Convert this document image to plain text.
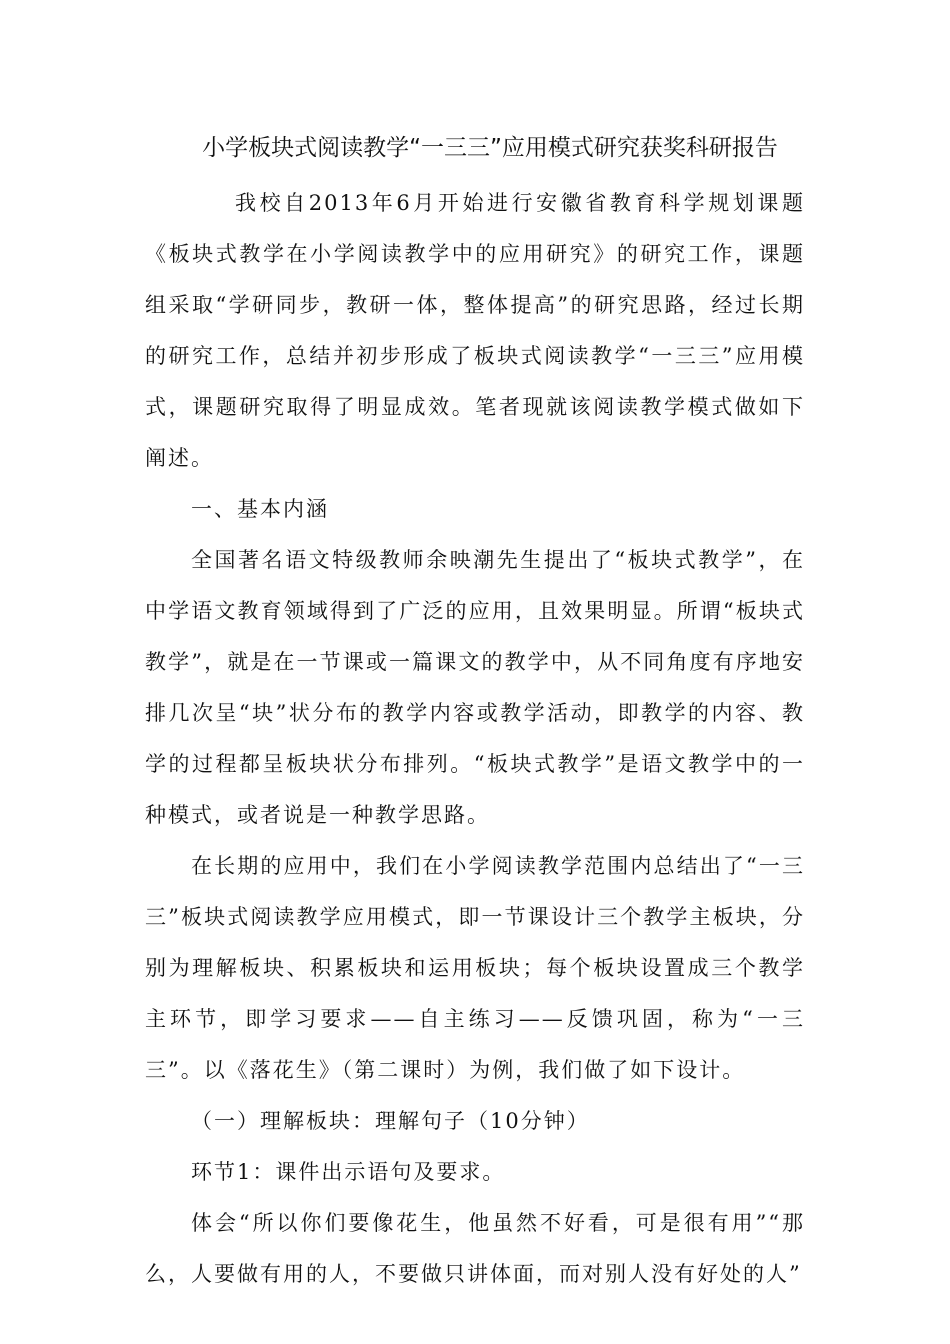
小学板块式阅读教学“一三三”应用模式研究获奖科研报告

我校自2013年6月开始进行安徽省教育科学规划课题《板块式教学在小学阅读教学中的应用研究》的研究工作，课题组采取“学研同步，教研一体，整体提高”的研究思路，经过长期的研究工作，总结并初步形成了板块式阅读教学“一三三”应用模式，课题研究取得了明显成效。笔者现就该阅读教学模式做如下阐述。

一、基本内涵

全国著名语文特级教师余映潮先生提出了“板块式教学”，在中学语文教育领域得到了广泛的应用，且效果明显。所谓“板块式教学”，就是在一节课或一篇课文的教学中，从不同角度有序地安排几次呈“块”状分布的教学内容或教学活动，即教学的内容、教学的过程都呈板块状分布排列。“板块式教学”是语文教学中的一种模式，或者说是一种教学思路。

在长期的应用中，我们在小学阅读教学范围内总结出了“一三三”板块式阅读教学应用模式，即一节课设计三个教学主板块，分别为理解板块、积累板块和运用板块；每个板块设置成三个教学主环节，即学习要求——自主练习——反馈巩固，称为“一三三”。以《落花生》（第二课时）为例，我们做了如下设计。

（一）理解板块：理解句子（10分钟）

环节1：课件出示语句及要求。

体会“所以你们要像花生，他虽然不好看，可是很有用”“那么，人要做有用的人，不要做只讲体面，而对别人没有好处的人”
